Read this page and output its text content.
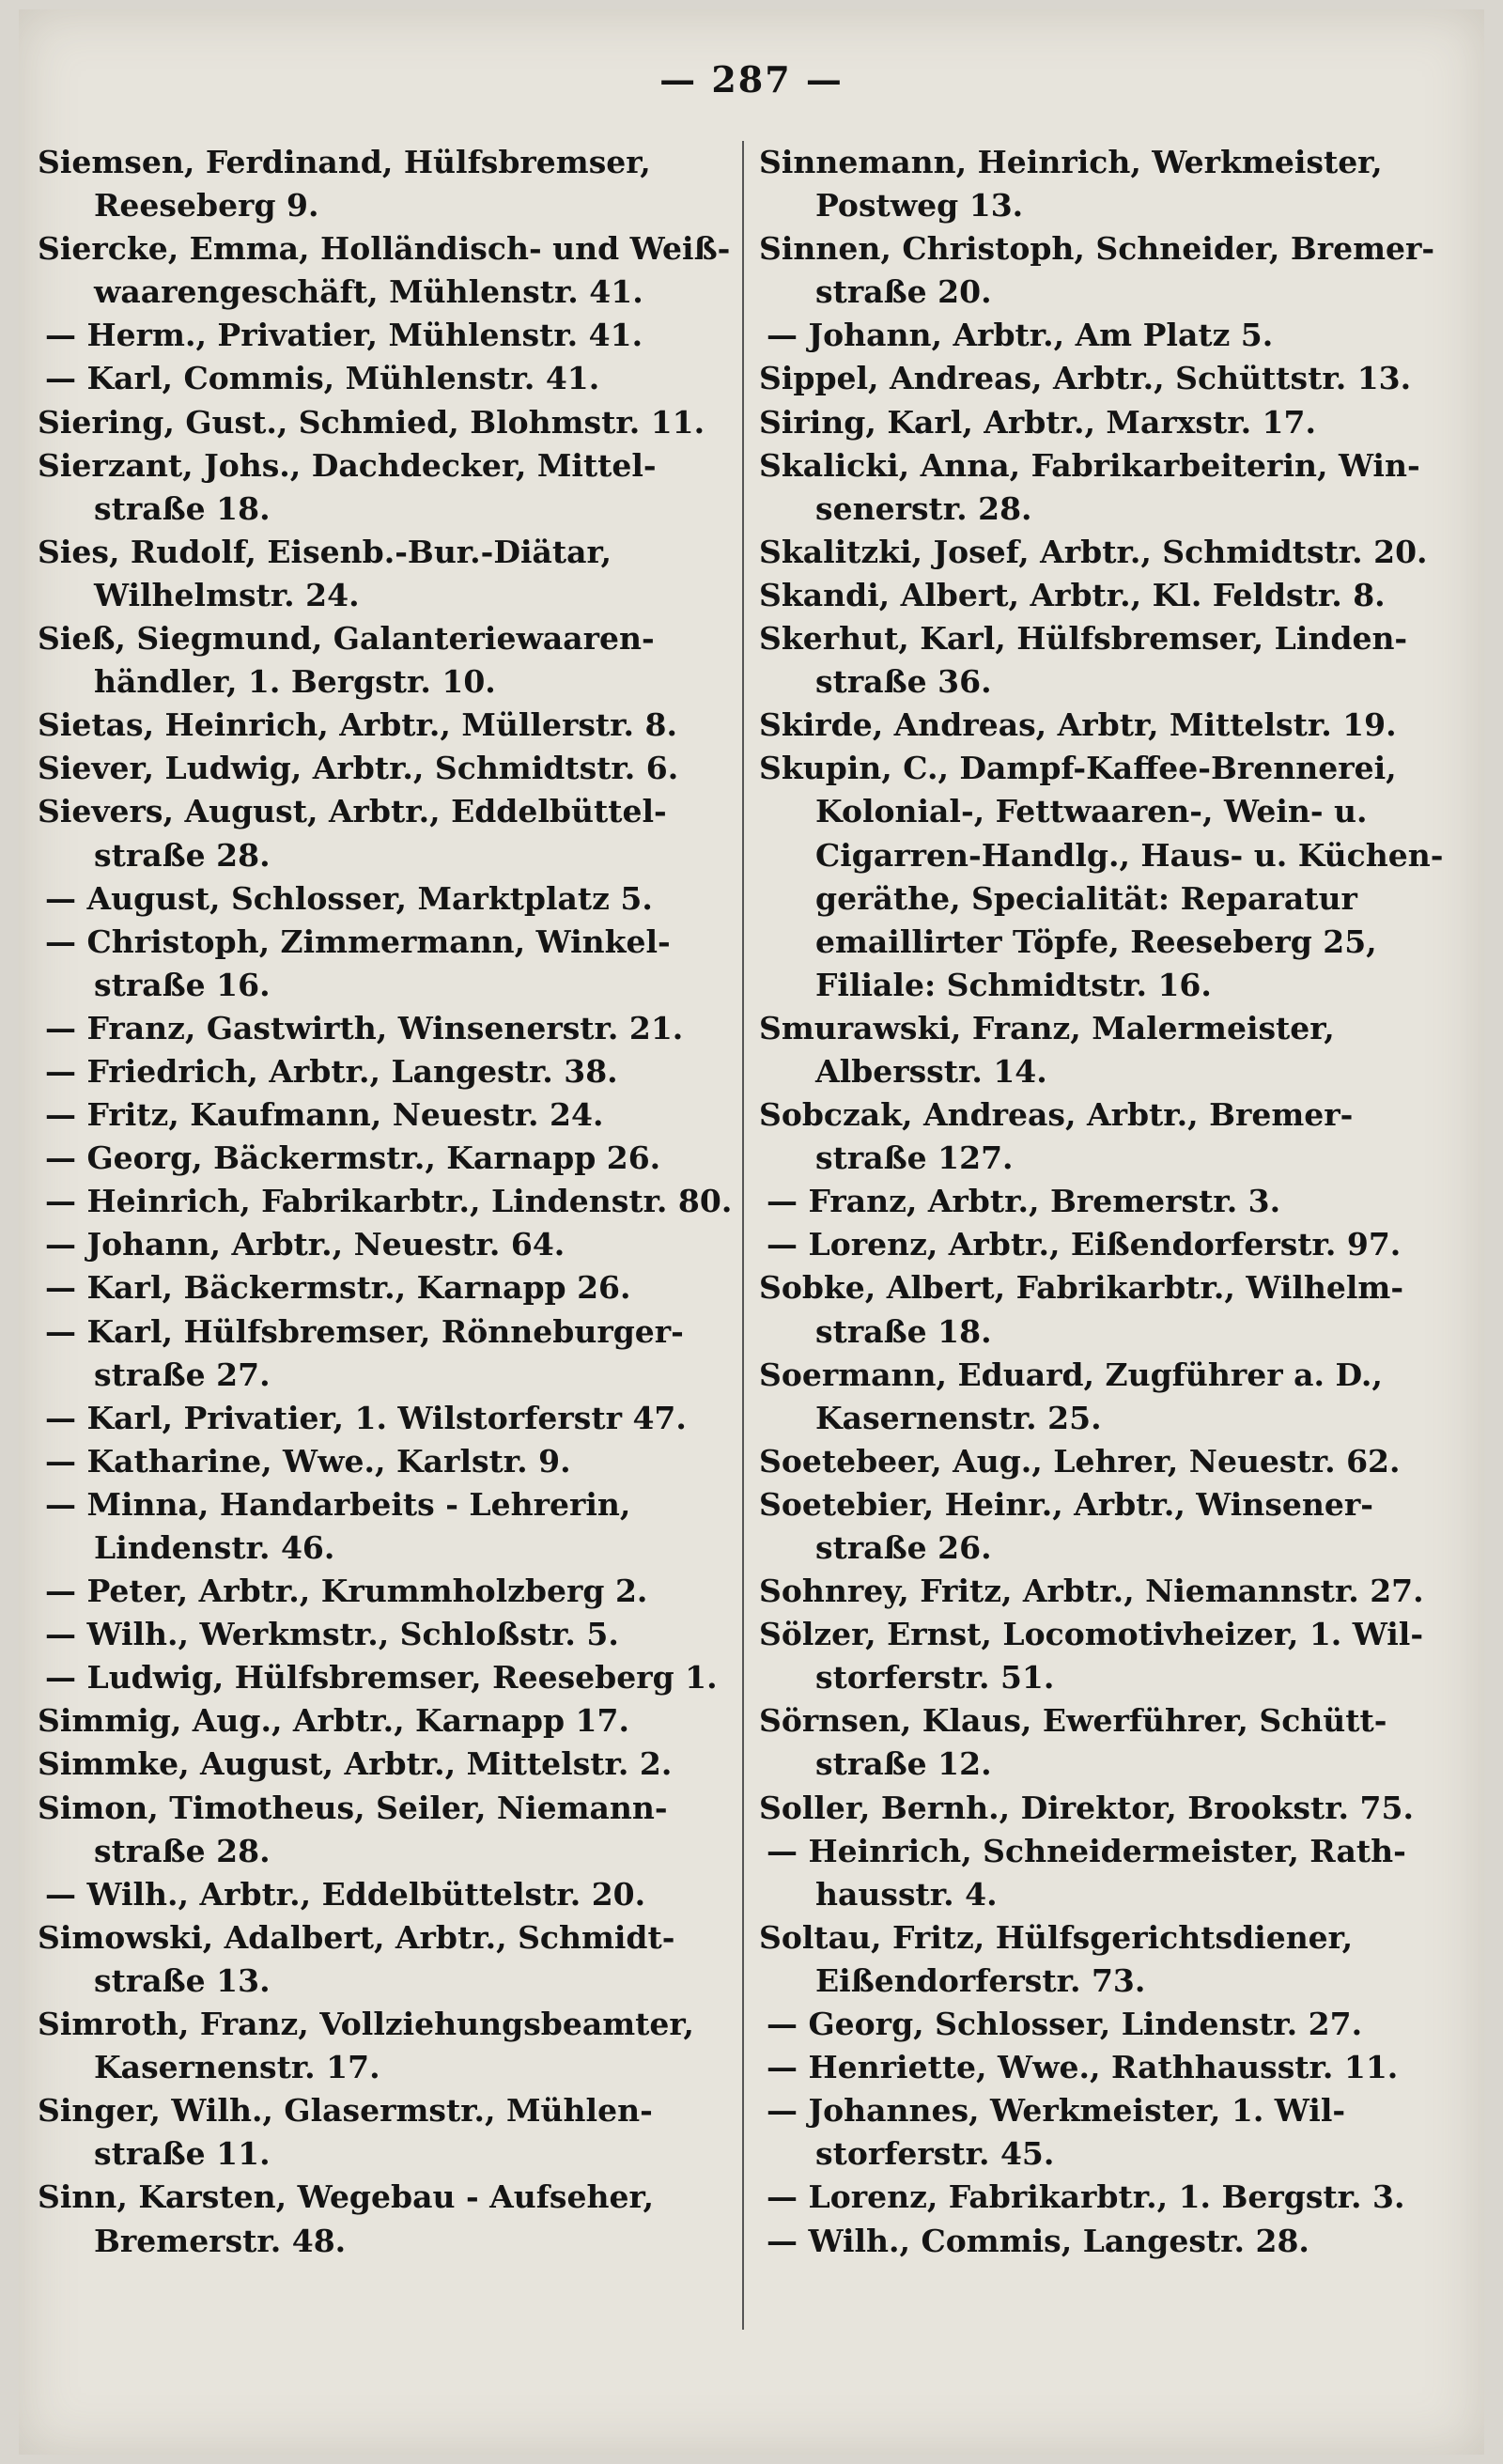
— 287 —
Siemsen, Ferdinand, Hülfsbremser,
Reeseberg 9.
Siercke, Emma, Holländisch- und Weiß-
waarengeschäft, Mühlenstr. 41.
— Herm., Privatier, Mühlenstr. 41.
— Karl, Commis, Mühlenstr. 41.
Siering, Gust., Schmied, Blohmstr. 11.
Sierzant, Johs., Dachdecker, Mittel-
straße 18.
Sies, Rudolf, Eisenb.-Bur.-Diätar,
Wilhelmstr. 24.
Sieß, Siegmund, Galanteriewaaren-
händler, 1. Bergstr. 10.
Sietas, Heinrich, Arbtr., Müllerstr. 8.
Siever, Ludwig, Arbtr., Schmidtstr. 6.
Sievers, August, Arbtr., Eddelbüttel-
straße 28.
— August, Schlosser, Marktplatz 5.
— Christoph, Zimmermann, Winkel-
straße 16.
— Franz, Gastwirth, Winsenerstr. 21.
— Friedrich, Arbtr., Langestr. 38.
— Fritz, Kaufmann, Neuestr. 24.
— Georg, Bäckermstr., Karnapp 26.
— Heinrich, Fabrikarbtr., Lindenstr. 80.
— Johann, Arbtr., Neuestr. 64.
— Karl, Bäckermstr., Karnapp 26.
— Karl, Hülfsbremser, Rönneburger-
straße 27.
— Karl, Privatier, 1. Wilstorferstr 47.
— Katharine, Wwe., Karlstr. 9.
— Minna, Handarbeits - Lehrerin,
Lindenstr. 46.
— Peter, Arbtr., Krummholzberg 2.
— Wilh., Werkmstr., Schloßstr. 5.
— Ludwig, Hülfsbremser, Reeseberg 1.
Simmig, Aug., Arbtr., Karnapp 17.
Simmke, August, Arbtr., Mittelstr. 2.
Simon, Timotheus, Seiler, Niemann-
straße 28.
— Wilh., Arbtr., Eddelbüttelstr. 20.
Simowski, Adalbert, Arbtr., Schmidt-
straße 13.
Simroth, Franz, Vollziehungsbeamter,
Kasernenstr. 17.
Singer, Wilh., Glasermstr., Mühlen-
straße 11.
Sinn, Karsten, Wegebau - Aufseher,
Bremerstr. 48.
Sinnemann, Heinrich, Werkmeister,
Postweg 13.
Sinnen, Christoph, Schneider, Bremer-
straße 20.
— Johann, Arbtr., Am Platz 5.
Sippel, Andreas, Arbtr., Schüttstr. 13.
Siring, Karl, Arbtr., Marxstr. 17.
Skalicki, Anna, Fabrikarbeiterin, Win-
senerstr. 28.
Skalitzki, Josef, Arbtr., Schmidtstr. 20.
Skandi, Albert, Arbtr., Kl. Feldstr. 8.
Skerhut, Karl, Hülfsbremser, Linden-
straße 36.
Skirde, Andreas, Arbtr, Mittelstr. 19.
Skupin, C., Dampf-Kaffee-Brennerei,
Kolonial-, Fettwaaren-, Wein- u.
Cigarren-Handlg., Haus- u. Küchen-
geräthe, Specialität: Reparatur
emaillirter Töpfe, Reeseberg 25,
Filiale: Schmidtstr. 16.
Smurawski, Franz, Malermeister,
Albersstr. 14.
Sobczak, Andreas, Arbtr., Bremer-
straße 127.
— Franz, Arbtr., Bremerstr. 3.
— Lorenz, Arbtr., Eißendorferstr. 97.
Sobke, Albert, Fabrikarbtr., Wilhelm-
straße 18.
Soermann, Eduard, Zugführer a. D.,
Kasernenstr. 25.
Soetebeer, Aug., Lehrer, Neuestr. 62.
Soetebier, Heinr., Arbtr., Winsener-
straße 26.
Sohnrey, Fritz, Arbtr., Niemannstr. 27.
Sölzer, Ernst, Locomotivheizer, 1. Wil-
storferstr. 51.
Sörnsen, Klaus, Ewerführer, Schütt-
straße 12.
Soller, Bernh., Direktor, Brookstr. 75.
— Heinrich, Schneidermeister, Rath-
hausstr. 4.
Soltau, Fritz, Hülfsgerichtsdiener,
Eißendorferstr. 73.
— Georg, Schlosser, Lindenstr. 27.
— Henriette, Wwe., Rathhausstr. 11.
— Johannes, Werkmeister, 1. Wil-
storferstr. 45.
— Lorenz, Fabrikarbtr., 1. Bergstr. 3.
— Wilh., Commis, Langestr. 28.
